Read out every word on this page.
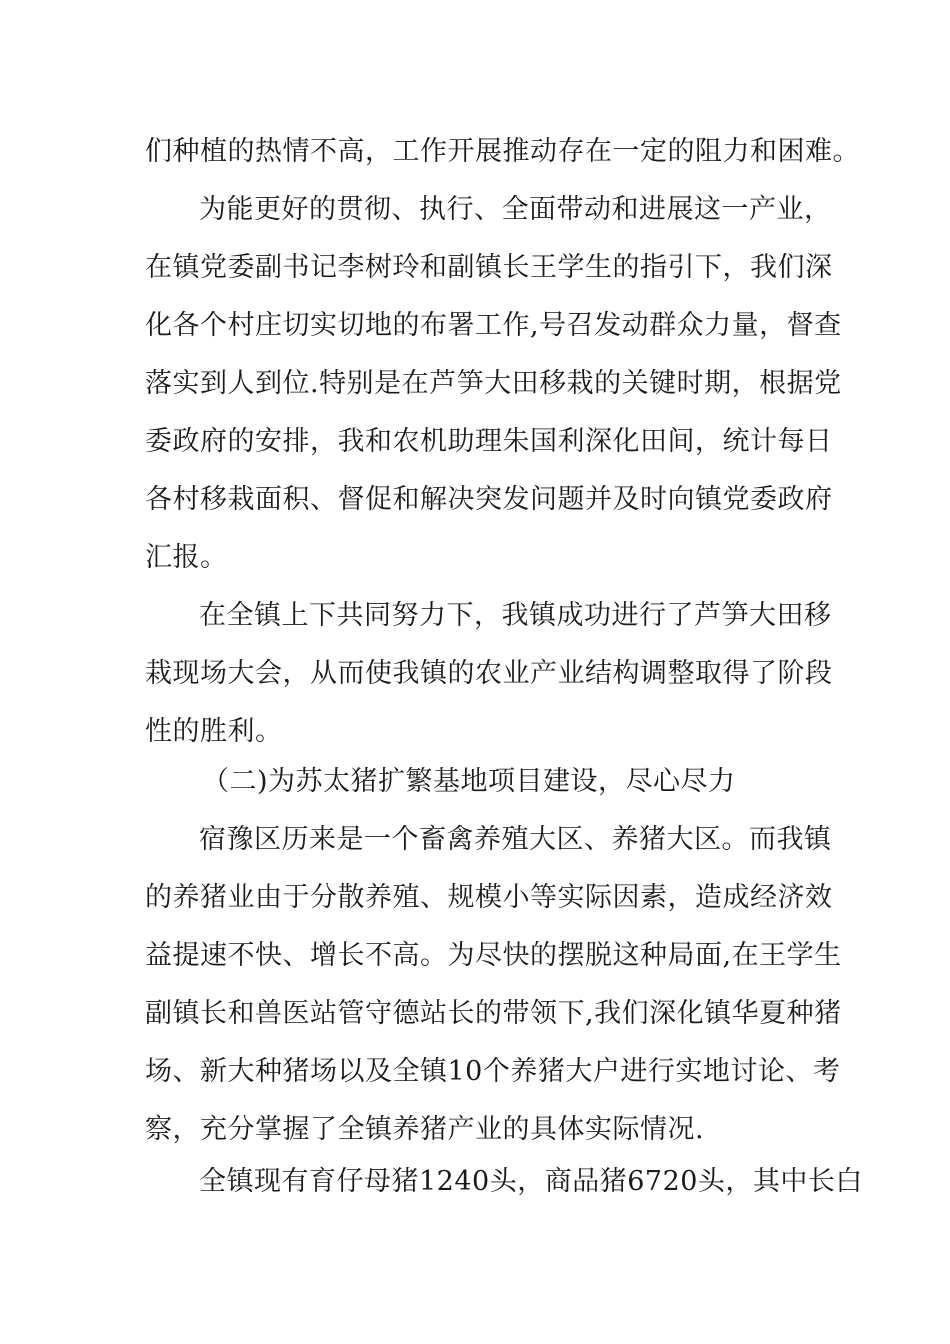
们种植的热情不高，工作开展推动存在一定的阻力和困难。
为能更好的贯彻、执行、全面带动和进展这一产业，
在镇党委副书记李树玲和副镇长王学生的指引下，我们深
化各个村庄切实切地的布署工作,号召发动群众力量，督查
落实到人到位.特别是在芦笋大田移栽的关键时期，根据党
委政府的安排，我和农机助理朱国利深化田间，统计每日
各村移栽面积、督促和解决突发问题并及时向镇党委政府
汇报。
在全镇上下共同努力下，我镇成功进行了芦笋大田移
栽现场大会，从而使我镇的农业产业结构调整取得了阶段
性的胜利。
（二)为苏太猪扩繁基地项目建设，尽心尽力
宿豫区历来是一个畜禽养殖大区、养猪大区。而我镇
的养猪业由于分散养殖、规模小等实际因素，造成经济效
益提速不快、增长不高。为尽快的摆脱这种局面,在王学生
副镇长和兽医站管守德站长的带领下,我们深化镇华夏种猪
场、新大种猪场以及全镇10个养猪大户进行实地讨论、考
察，充分掌握了全镇养猪产业的具体实际情况.
全镇现有育仔母猪1240头，商品猪6720头，其中长白
